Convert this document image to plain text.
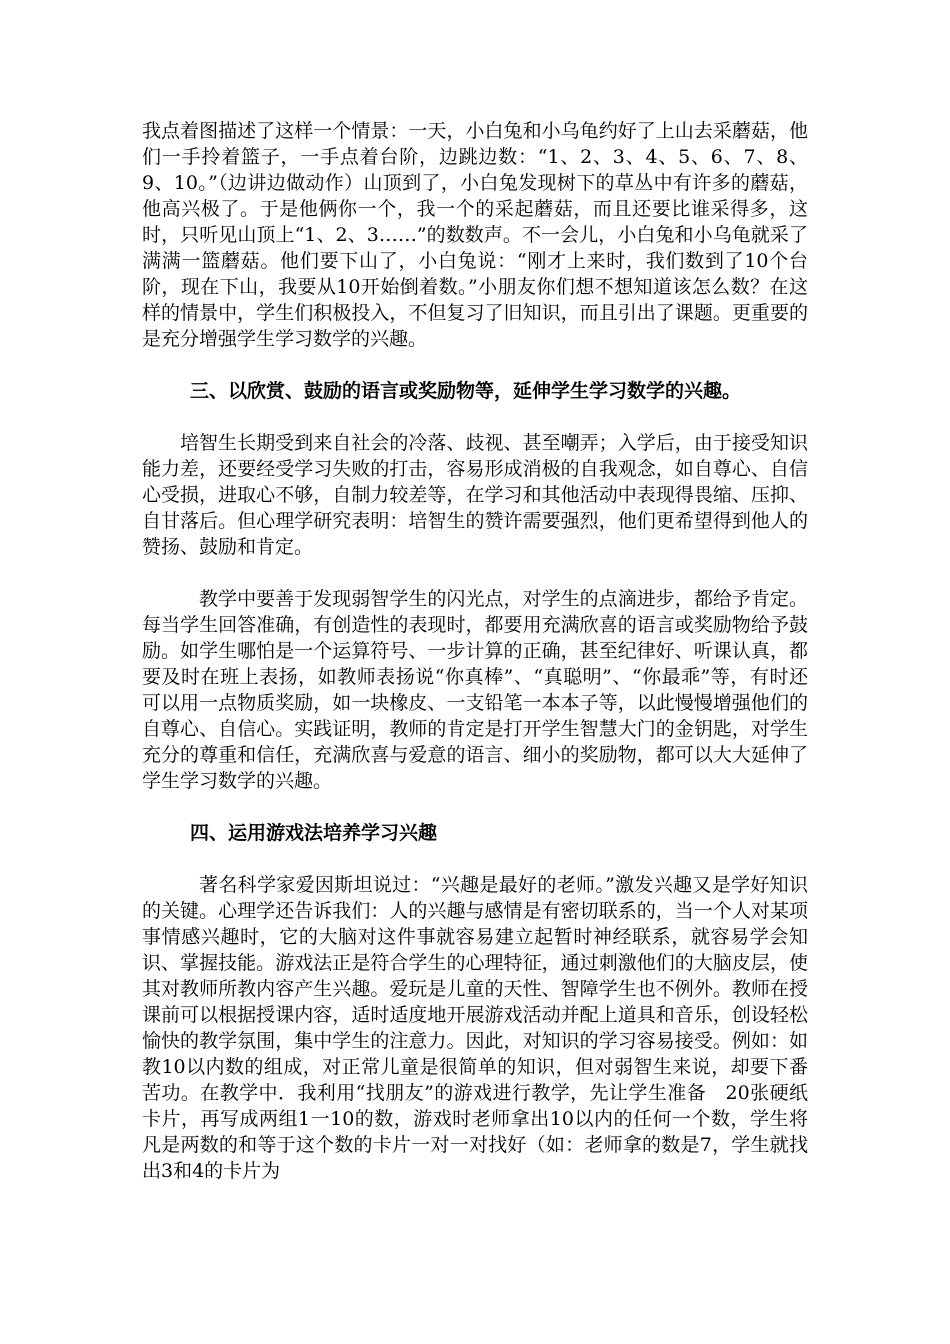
我点着图描述了这样一个情景：一天，小白兔和小乌龟约好了上山去采蘑菇，他们一手拎着篮子，一手点着台阶，边跳边数：“1、2、3、4、5、6、7、8、9、10。”（边讲边做动作）山顶到了，小白兔发现树下的草丛中有许多的蘑菇，他高兴极了。于是他俩你一个，我一个的采起蘑菇，而且还要比谁采得多，这时，只听见山顶上“1、2、3……”的数数声。不一会儿，小白兔和小乌龟就采了满满一篮蘑菇。他们要下山了，小白兔说：“刚才上来时，我们数到了10个台阶，现在下山，我要从10开始倒着数。”小朋友你们想不想知道该怎么数？在这样的情景中，学生们积极投入，不但复习了旧知识，而且引出了课题。更重要的是充分增强学生学习数学的兴趣。

三、以欣赏、鼓励的语言或奖励物等，延伸学生学习数学的兴趣。

培智生长期受到来自社会的冷落、歧视、甚至嘲弄；入学后，由于接受知识能力差，还要经受学习失败的打击，容易形成消极的自我观念，如自尊心、自信心受损，进取心不够，自制力较差等，在学习和其他活动中表现得畏缩、压抑、自甘落后。但心理学研究表明：培智生的赞许需要强烈，他们更希望得到他人的赞扬、鼓励和肯定。

教学中要善于发现弱智学生的闪光点，对学生的点滴进步，都给予肯定。每当学生回答准确，有创造性的表现时，都要用充满欣喜的语言或奖励物给予鼓励。如学生哪怕是一个运算符号、一步计算的正确，甚至纪律好、听课认真，都要及时在班上表扬，如教师表扬说“你真棒”、“真聪明”、“你最乖”等，有时还可以用一点物质奖励，如一块橡皮、一支铅笔一本本子等，以此慢慢增强他们的自尊心、自信心。实践证明，教师的肯定是打开学生智慧大门的金钥匙，对学生充分的尊重和信任，充满欣喜与爱意的语言、细小的奖励物，都可以大大延伸了学生学习数学的兴趣。

四、运用游戏法培养学习兴趣

著名科学家爱因斯坦说过：“兴趣是最好的老师。”激发兴趣又是学好知识的关键。心理学还告诉我们：人的兴趣与感情是有密切联系的，当一个人对某项事情感兴趣时，它的大脑对这件事就容易建立起暂时神经联系，就容易学会知识、掌握技能。游戏法正是符合学生的心理特征，通过刺激他们的大脑皮层，使其对教师所教内容产生兴趣。爱玩是儿童的天性、智障学生也不例外。教师在授课前可以根据授课内容，适时适度地开展游戏活动并配上道具和音乐，创设轻松愉快的教学氛围，集中学生的注意力。因此，对知识的学习容易接受。例如：如教10以内数的组成，对正常儿童是很简单的知识，但对弱智生来说，却要下番苦功。在教学中．我利用“找朋友”的游戏进行教学，先让学生准备　20张硬纸卡片，再写成两组1一10的数，游戏时老师拿出10以内的任何一个数，学生将凡是两数的和等于这个数的卡片一对一对找好（如：老师拿的数是7，学生就找出3和4的卡片为
